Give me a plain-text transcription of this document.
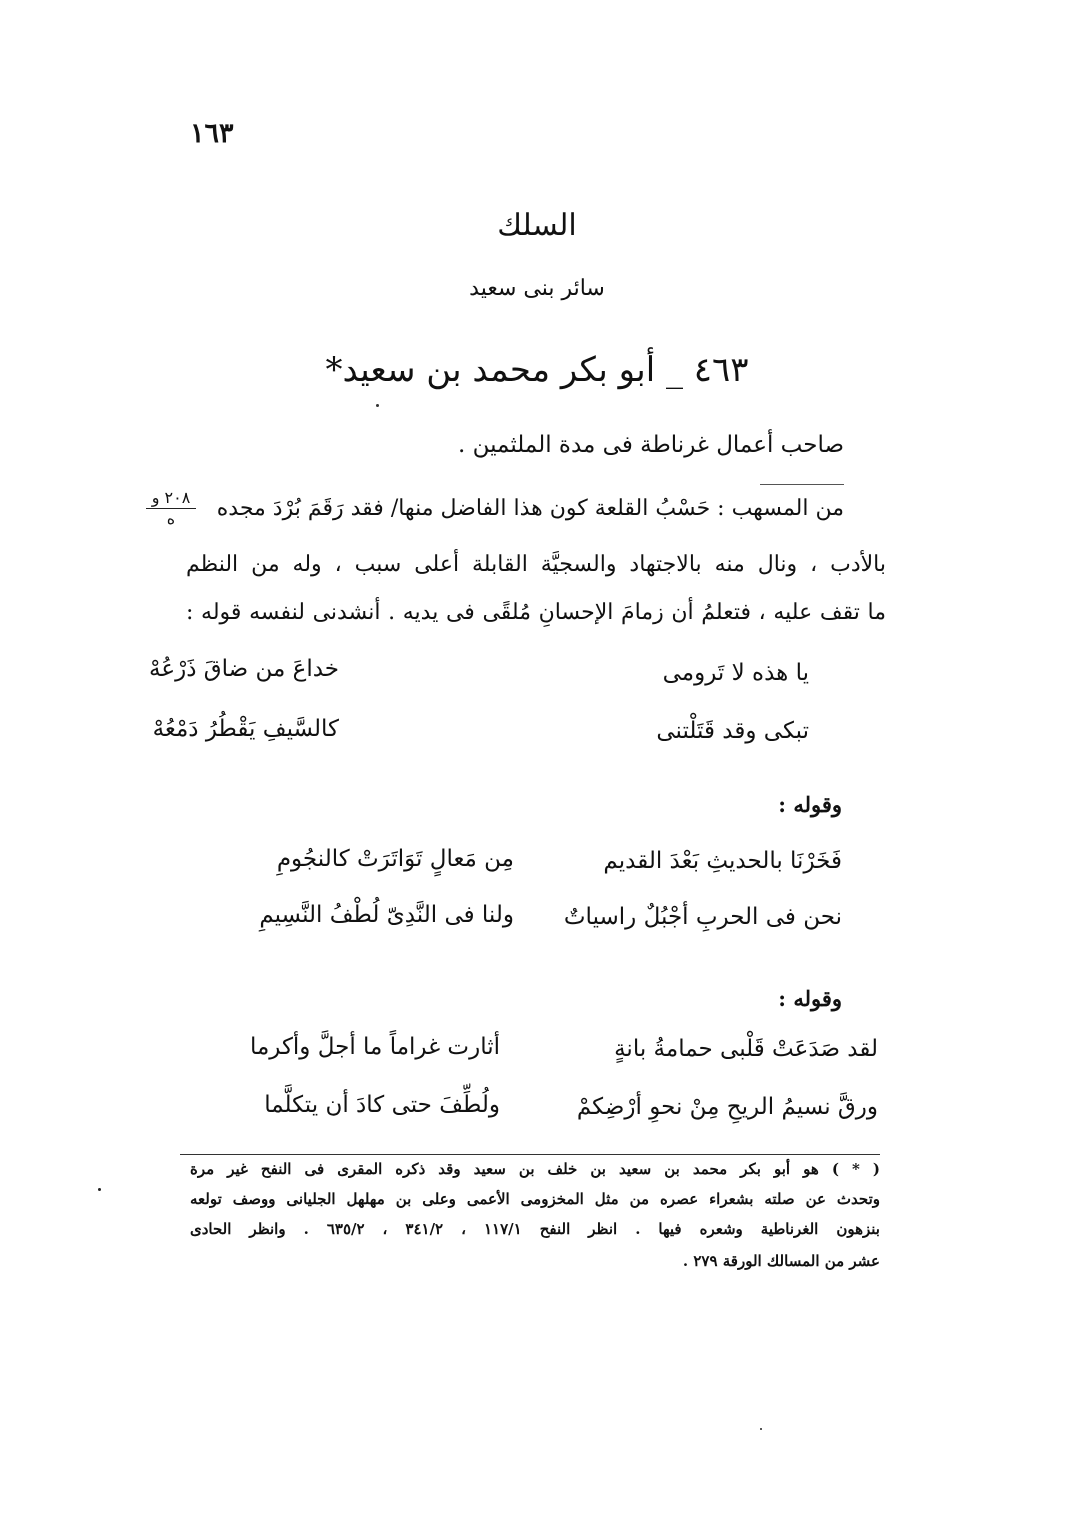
١٦٣
السلك
سائر بنى سعيد
٤٦٣ _ أبو بكر محمد بن سعيد*
صاحب أعمال غرناطة فى مدة الملثمين .
من المسهب : حَسْبُ القلعة كون هذا الفاضل منها/ فقد رَقَمَ بُرْدَ مجده
بالأدب ، ونال منه بالاجتهاد والسجيَّة القابلة أعلى سبب ، وله من النظم
ما تقف عليه ، فتعلمُ أن زمامَ الإحسانِ مُلقًى فى يديه . أنشدنى لنفسه قوله :
٢٠٨ و
ه
يا هذه لا تَرومى
خداعَ من ضاقَ ذَرْعُهْ
تبكى وقد قَتَلْتنى
كالسَّيفِ يَقْطُرُ دَمْعُهْ
وقوله :
فَخَرْنَا بالحديثِ بَعْدَ القديم
مِن مَعالٍ تَوَاتَرَتْ كالنجُومِ
نحن فى الحربِ أجْبُلٌ راسياتٌ
ولنا فى النَّدِىّ لُطْفُ النَّسِيمِ
وقوله :
لقد صَدَعَتْ قَلْبى حمامةُ بانةٍ
أثارت غراماً ما أجلَّ وأكرما
ورقَّ نسيمُ الريحِ مِنْ نحوِ أرْضِكمْ
ولُطِّفَ حتى كادَ أن يتكلَّما
( * ) هو أبو بكر محمد بن سعيد بن خلف بن سعيد وقد ذكره المقرى فى النفح غير مرة
وتحدث عن صلته بشعراء عصره من مثل المخزومى الأعمى وعلى بن مهلهل الجليانى ووصف تولعه
بنزهون الغرناطية وشعره فيها . انظر النفح ١١٧/١ ، ٣٤١/٢ ، ٦٣٥/٢ . وانظر الحادى
عشر من المسالك الورقة ٢٧٩ .
